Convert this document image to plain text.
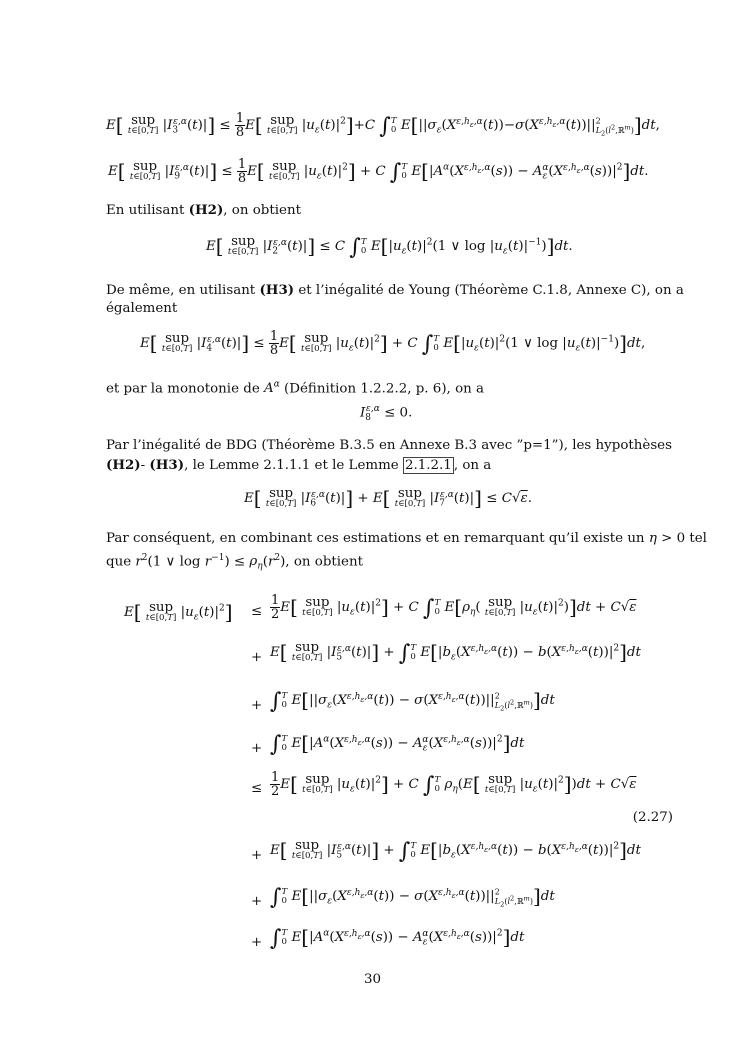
E[ sup
t∈[0,T] $|I_3^{\varepsilon,\alpha}(t)|] \le \frac{1}{8} E$[ sup
t∈[0,T] $|u_\varepsilon(t)|^2]+C$ ∫ T
0 $E[||\sigma_\varepsilon(X^{\varepsilon,h_\varepsilon,\alpha}(t))-\sigma(X^{\varepsilon,h_\varepsilon,\alpha}(t))||^2_{L_2(l^2,ℝ^m)}]dt$,
E[ sup
t∈[0,T] $|I_9^{\varepsilon,\alpha}(t)|] \le \frac{1}{8} E$[ sup
t∈[0,T] $|u_\varepsilon(t)|^2] + C$ ∫ T
0 $E[|A^\alpha(X^{\varepsilon,h_\varepsilon,\alpha}(s)) - A_\varepsilon^\alpha(X^{\varepsilon,h_\varepsilon,\alpha}(s))|^2]dt$.
En utilisant (H2), on obtient
E[ sup
t∈[0,T] $|I_2^{\varepsilon,\alpha}(t)|] \le C$ ∫ T
0 $E[|u_\varepsilon(t)|^2(1$ ∨ $\log |u_\varepsilon(t)|^{-1})]dt$.
De même, en utilisant (H3) et l’inégalité de Young (Théorème C.1.8, Annexe C), on a
également
E[ sup
t∈[0,T] $|I_4^{\varepsilon,\alpha}(t)|] \le \frac{1}{8} E$[ sup
t∈[0,T] $|u_\varepsilon(t)|^2] + C$ ∫ T
0 $E[|u_\varepsilon(t)|^2(1$ ∨ $\log |u_\varepsilon(t)|^{-1})]dt$,
et par la monotonie de $A^\alpha$ (Définition 1.2.2.2, p. 6), on a
$I_8^{\varepsilon,\alpha} \le 0$.
Par l’inégalité de BDG (Théorème B.3.5 en Annexe B.3 avec ”p=1”), les hypothèses
(H2)- (H3), le Lemme 2.1.1.1 et le Lemme 2.1.2.1 , on a
E[ sup
t∈[0,T] $|I_6^{\varepsilon,\alpha}(t)|] + E$[ sup
t∈[0,T] $|I_7^{\varepsilon,\alpha}(t)|] \le C√\varepsilon$.
Par conséquent, en combinant ces estimations et en remarquant qu’il existe un η > 0 tel
que $r^2(1$ ∨ $\log r^{-1}) \le \rho_\eta(r^2)$, on obtient
E[ sup
t∈[0,T] $|u_\varepsilon(t)|^2] \le \frac{1}{2} E$[ sup
t∈[0,T] $|u_\varepsilon(t)|^2] + C$ ∫ T
0 $E[\rho_\eta$( sup
t∈[0,T] $|u_\varepsilon(t)|^2)]dt + C√\varepsilon$
+ E[ sup
t∈[0,T] $|I_5^{\varepsilon,\alpha}(t)|$] + ∫ T
0 $E[|b_\varepsilon(X^{\varepsilon,h_\varepsilon,\alpha}(t)) - b(X^{\varepsilon,h_\varepsilon,\alpha}(t))|^2]dt$
+ ∫ T
0 $E[||\sigma_\varepsilon(X^{\varepsilon,h_\varepsilon,\alpha}(t)) - \sigma(X^{\varepsilon,h_\varepsilon,\alpha}(t))||^2_{L_2(l^2,ℝ^m)}]dt$
+ ∫ T
0 $E[|A^\alpha(X^{\varepsilon,h_\varepsilon,\alpha}(s)) - A_\varepsilon^\alpha(X^{\varepsilon,h_\varepsilon,\alpha}(s))|^2]dt$
≤ $\frac{1}{2} E$[ sup
t∈[0,T] $|u_\varepsilon(t)|^2] + C$ ∫ T
0 $\rho_\eta(E$[ sup
t∈[0,T] $|u_\varepsilon(t)|^2])dt + C√\varepsilon$
(2.27)
+ E[ sup
t∈[0,T] $|I_5^{\varepsilon,\alpha}(t)|$] + ∫ T
0 $E[|b_\varepsilon(X^{\varepsilon,h_\varepsilon,\alpha}(t)) - b(X^{\varepsilon,h_\varepsilon,\alpha}(t))|^2]dt$
+ ∫ T
0 $E[||\sigma_\varepsilon(X^{\varepsilon,h_\varepsilon,\alpha}(t)) - \sigma(X^{\varepsilon,h_\varepsilon,\alpha}(t))||^2_{L_2(l^2,ℝ^m)}]dt$
+ ∫ T
0 $E[|A^\alpha(X^{\varepsilon,h_\varepsilon,\alpha}(s)) - A_\varepsilon^\alpha(X^{\varepsilon,h_\varepsilon,\alpha}(s))|^2]dt$
30
